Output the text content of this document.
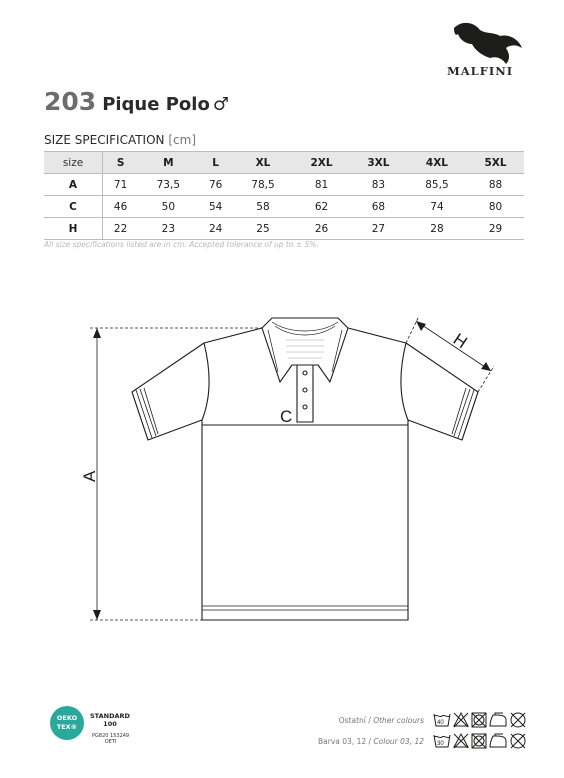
MALFINI
203 Pique Polo ♂
SIZE SPECIFICATION [cm]
size	S	M	L	XL	2XL	3XL	4XL	5XL
A	71	73,5	76	78,5	81	83	85,5	88
C	46	50	54	58	62	68	74	80
H	22	23	24	25	26	27	28	29
All size specifications listed are in cm. Accepted tolerance of up to ± 5%.
C
A
H
OEKO
TEX®
STANDARD
100
PG820 153249
OETI
Ostatní / Other colours
Barva 03, 12 / Colour 03, 12
40
30
